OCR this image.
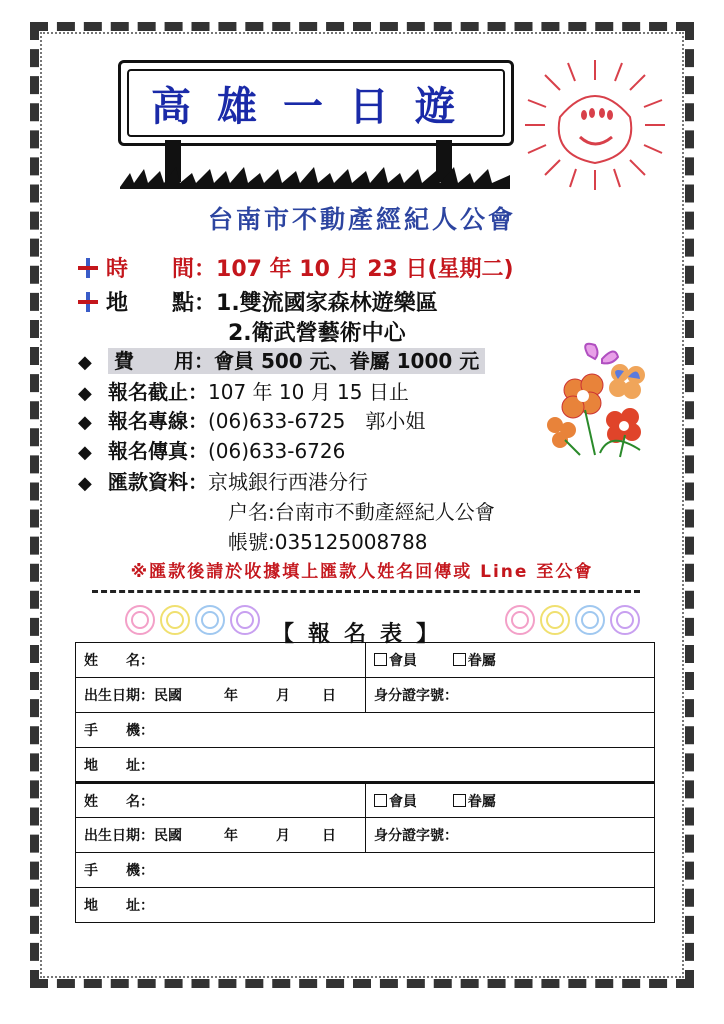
高雄一日遊
台南市不動產經紀人公會
時　　間：107 年 10 月 23 日(星期二)
地　　點：1.雙流國家森林遊樂區
2.衛武營藝術中心
◆ 費　　用：會員 500 元、眷屬 1000 元
◆ 報名截止：107 年 10 月 15 日止
◆ 報名專線：(06)633-6725　郭小姐
◆ 報名傳真：(06)633-6726
◆ 匯款資料：京城銀行西港分行
户名:台南市不動產經紀人公會
帳號:035125008788
※匯款後請於收據填上匯款人姓名回傳或 Line 至公會
【報名表】
姓　　名：	會員 眷屬
出生日期：民國 年 月 日	身分證字號：
手　　機：	
地　　址：	
姓　　名：	會員 眷屬
出生日期：民國 年 月 日	身分證字號：
手　　機：	
地　　址：	
